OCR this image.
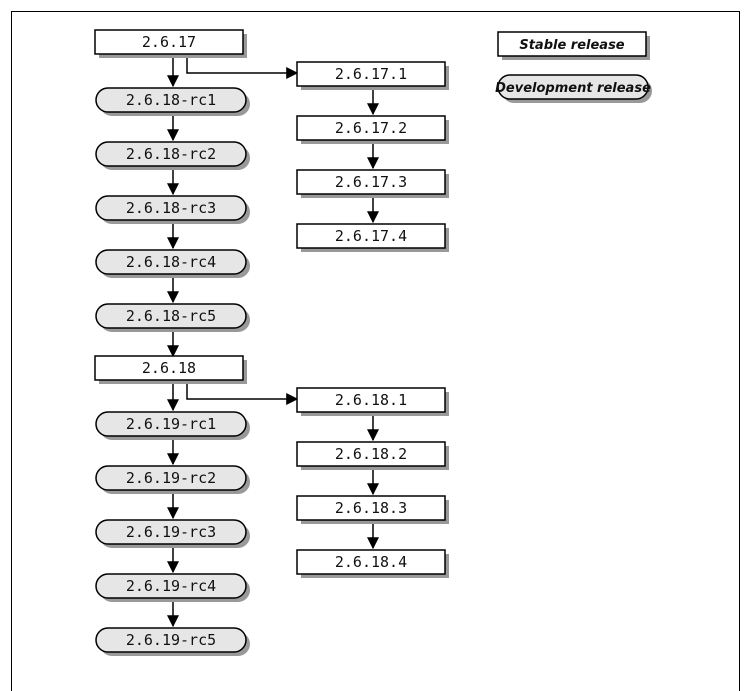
2.6.17
2.6.17.1
2.6.17.2
2.6.17.3
2.6.17.4
2.6.18
2.6.18.1
2.6.18.2
2.6.18.3
2.6.18.4
2.6.18-rc1
2.6.18-rc2
2.6.18-rc3
2.6.18-rc4
2.6.18-rc5
2.6.19-rc1
2.6.19-rc2
2.6.19-rc3
2.6.19-rc4
2.6.19-rc5
Stable release
Development release
